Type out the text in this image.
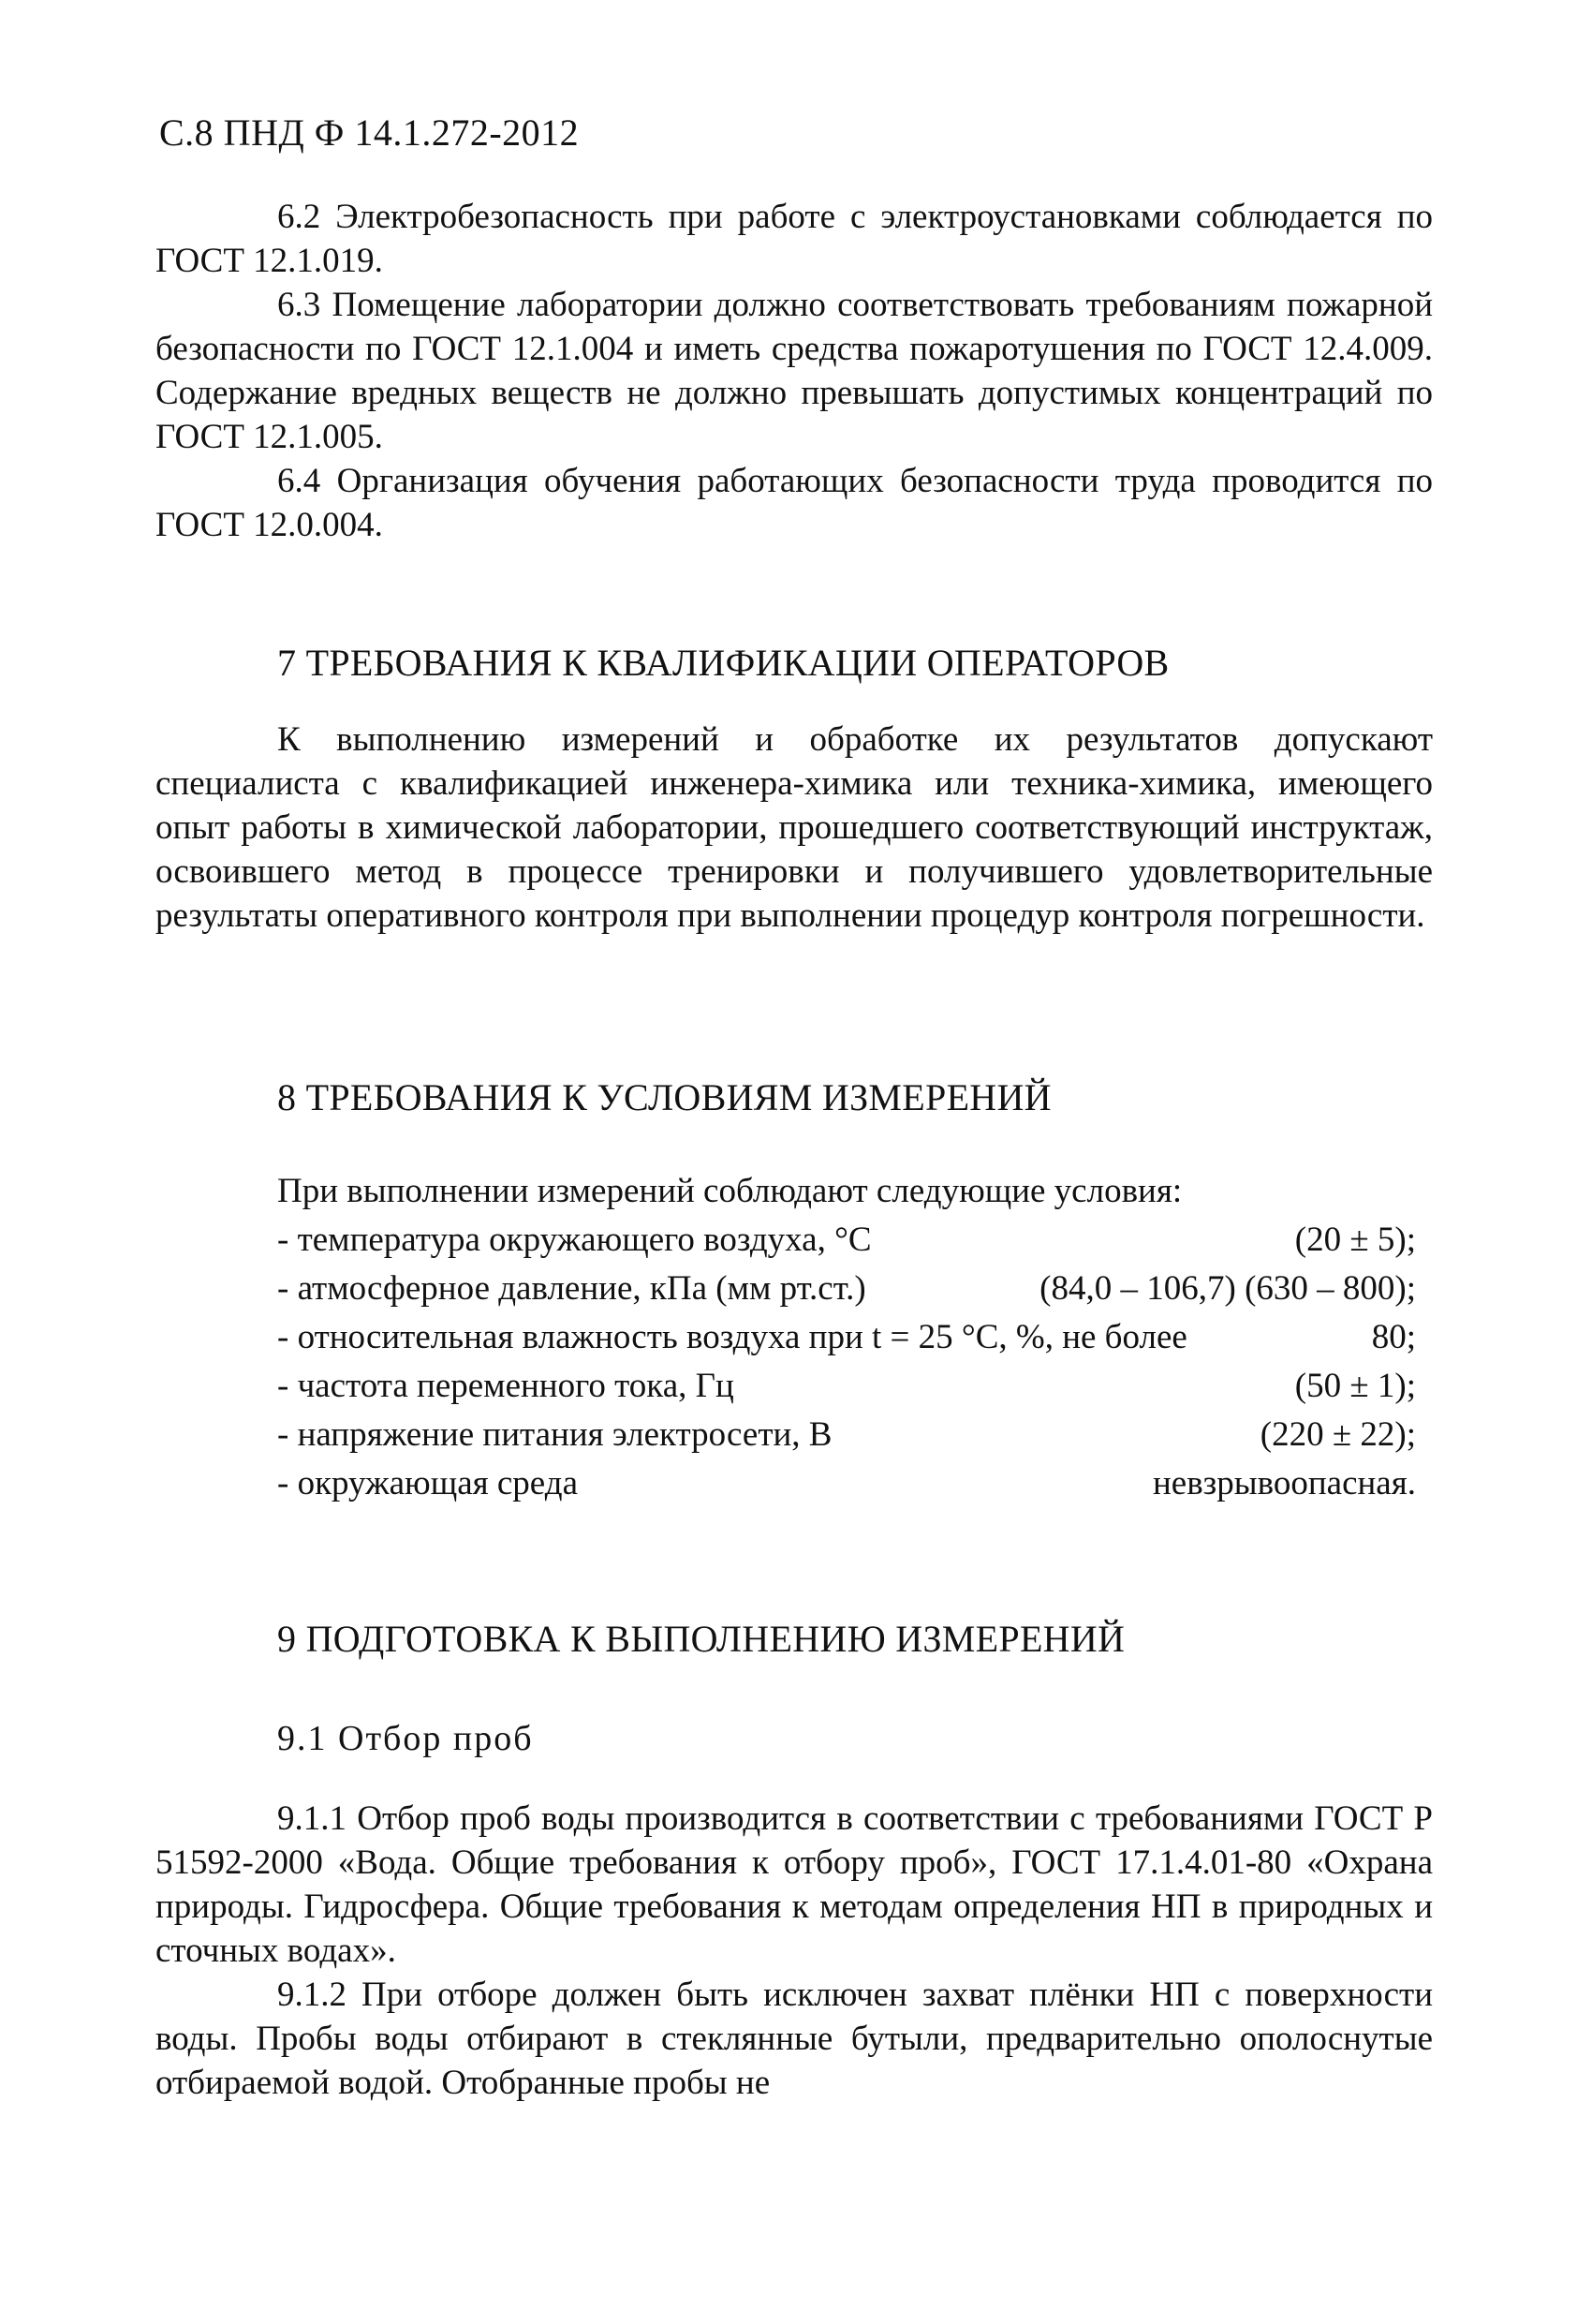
С.8 ПНД Ф 14.1.272-2012

6.2 Электробезопасность при работе с электроустановками соблюдается по ГОСТ 12.1.019.

6.3 Помещение лаборатории должно соответствовать требованиям пожарной безопасности по ГОСТ 12.1.004 и иметь средства пожаротушения по ГОСТ 12.4.009. Содержание вредных веществ не должно превышать допустимых концентраций по ГОСТ 12.1.005.

6.4 Организация обучения работающих безопасности труда проводится по ГОСТ 12.0.004.

7 ТРЕБОВАНИЯ К КВАЛИФИКАЦИИ ОПЕРАТОРОВ

К выполнению измерений и обработке их результатов допускают специалиста с квалификацией инженера-химика или техника-химика, имеющего опыт работы в химической лаборатории, прошедшего соответствующий инструктаж, освоившего метод в процессе тренировки и получившего удовлетворительные результаты оперативного контроля при выполнении процедур контроля погрешности.

8 ТРЕБОВАНИЯ К УСЛОВИЯМ ИЗМЕРЕНИЙ
При выполнении измерений соблюдают следующие условия:
- температура окружающего воздуха, °С	(20 ± 5);
- атмосферное давление, кПа (мм рт.ст.)	(84,0 – 106,7) (630 – 800);
- относительная влажность воздуха при t = 25 °С, %, не более	80;
- частота переменного тока, Гц	(50 ± 1);
- напряжение питания электросети, В	(220 ± 22);
- окружающая среда	невзрывоопасная.
9 ПОДГОТОВКА К ВЫПОЛНЕНИЮ ИЗМЕРЕНИЙ
9.1 Отбор проб

9.1.1 Отбор проб воды производится в соответствии с требованиями ГОСТ Р 51592-2000 «Вода. Общие требования к отбору проб», ГОСТ 17.1.4.01-80 «Охрана природы. Гидросфера. Общие требования к методам определения НП в природных и сточных водах».

9.1.2 При отборе должен быть исключен захват плёнки НП с поверхности воды. Пробы воды отбирают в стеклянные бутыли, предварительно ополоснутые отбираемой водой. Отобранные пробы не
